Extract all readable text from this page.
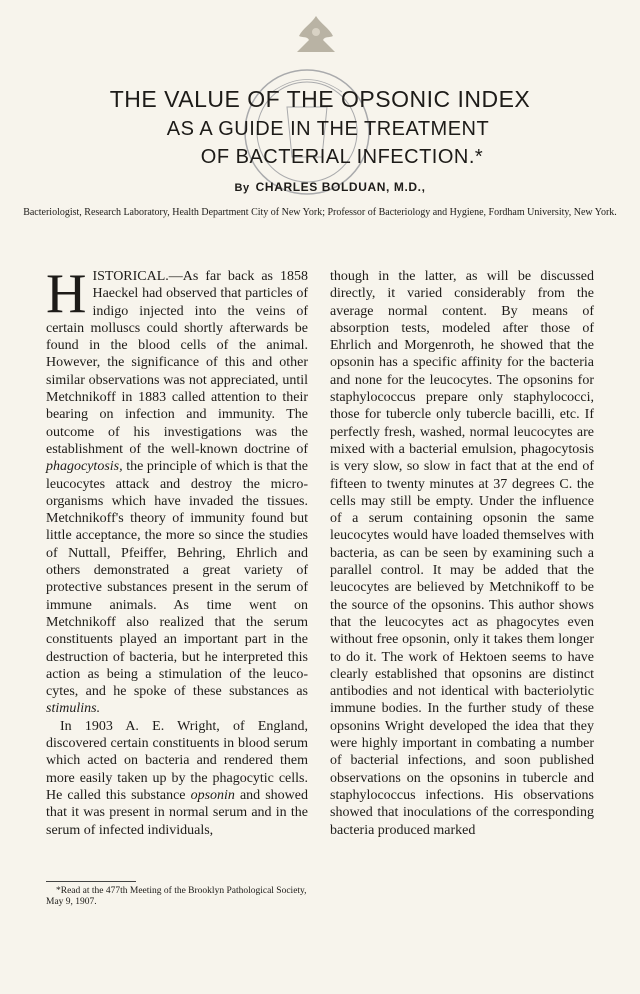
THE VALUE OF THE OPSONIC INDEX
AS A GUIDE IN THE TREATMENT
OF BACTERIAL INFECTION.*
By CHARLES BOLDUAN, M.D.,
Bacteriologist, Research Laboratory, Health Department City of New York; Professor of Bacteriology and Hygiene, Fordham University, New York.

HISTORICAL.—As far back as 1858 Haeckel had observed that particles of indigo injected into the veins of certain molluscs could shortly afterwards be found in the blood cells of the animal. However, the significance of this and other similar observations was not appreciated, until Metchnikoff in 1883 called attention to their bearing on infection and immunity. The outcome of his investigations was the establishment of the well-known doctrine of phagocytosis, the principle of which is that the leucocytes attack and destroy the micro-organisms which have invaded the tissues. Metchnikoff's theory of immunity found but little acceptance, the more so since the studies of Nuttall, Pfeiffer, Behring, Ehrlich and others demonstrated a great variety of protective substances present in the serum of immune animals. As time went on Metchnikoff also realized that the serum constituents played an important part in the destruction of bacteria, but he interpreted this action as being a stimulation of the leucocytes, and he spoke of these substances as stimulins.

In 1903 A. E. Wright, of England, discovered certain constituents in blood serum which acted on bacteria and rendered them more easily taken up by the phagocytic cells. He called this substance opsonin and showed that it was present in normal serum and in the serum of infected individuals,

though in the latter, as will be discussed directly, it varied considerably from the average normal content. By means of absorption tests, modeled after those of Ehrlich and Morgenroth, he showed that the opsonin has a specific affinity for the bacteria and none for the leucocytes. The opsonins for staphylococcus prepare only staphylococci, those for tubercle only tubercle bacilli, etc. If perfectly fresh, washed, normal leucocytes are mixed with a bacterial emulsion, phagocytosis is very slow, so slow in fact that at the end of fifteen to twenty minutes at 37 degrees C. the cells may still be empty. Under the influence of a serum containing opsonin the same leucocytes would have loaded themselves with bacteria, as can be seen by examining such a parallel control. It may be added that the leucocytes are believed by Metchnikoff to be the source of the opsonins. This author shows that the leucocytes act as phagocytes even without free opsonin, only it takes them longer to do it. The work of Hektoen seems to have clearly established that opsonins are distinct antibodies and not identical with bacteriolytic immune bodies. In the further study of these opsonins Wright developed the idea that they were highly important in combating a number of bacterial infections, and soon published observations on the opsonins in tubercle and staphylococcus infections. His observations showed that inoculations of the corresponding bacteria produced marked

*Read at the 477th Meeting of the Brooklyn Pathological Society, May 9, 1907.
